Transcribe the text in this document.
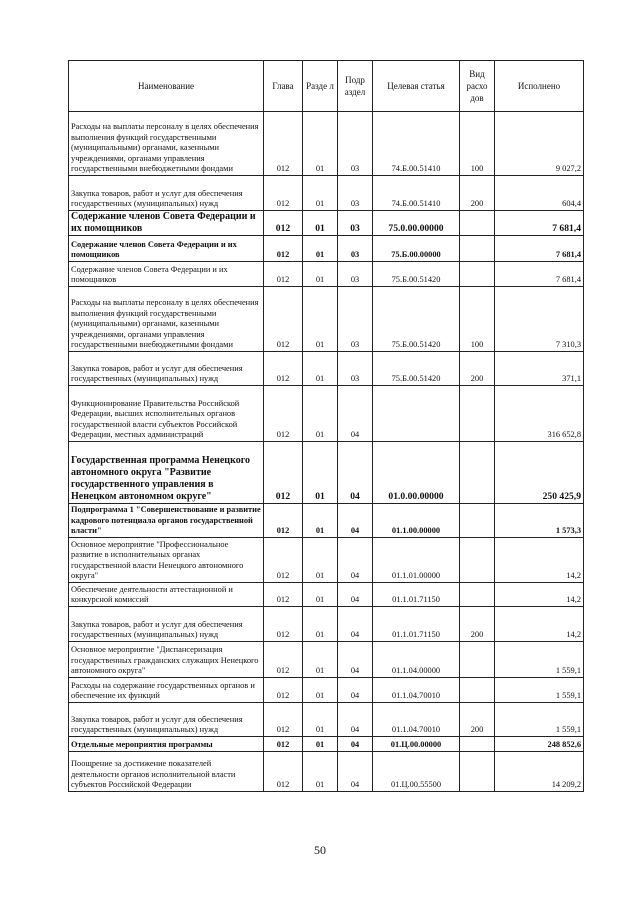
Наименование	Глава	Разде л	Подр аздел	Целевая статья	Вид расхо дов	Исполнено
Расходы на выплаты персоналу в целях обеспечения выполнения функций государственными (муниципальными) органами, казенными учреждениями, органами управления государственными внебюджетными фондами	012	01	03	74.Б.00.51410	100	9 027,2
Закупка товаров, работ и услуг для обеспечения государственных (муниципальных) нужд	012	01	03	74.Б.00.51410	200	604,4
Содержание членов Совета Федерации и их помощников	012	01	03	75.0.00.00000		7 681,4
Содержание членов Совета Федерации и их помощников	012	01	03	75.Б.00.00000		7 681,4
Содержание членов Совета Федерации и их помощников	012	01	03	75.Б.00.51420		7 681,4
Расходы на выплаты персоналу в целях обеспечения выполнения функций государственными (муниципальными) органами, казенными учреждениями, органами управления государственными внебюджетными фондами	012	01	03	75.Б.00.51420	100	7 310,3
Закупка товаров, работ и услуг для обеспечения государственных (муниципальных) нужд	012	01	03	75.Б.00.51420	200	371,1
Функционирование Правительства Российской Федерации, высших исполнительных органов государственной власти субъектов Российской Федерации, местных администраций	012	01	04			316 652,8
Государственная программа Ненецкого автономного округа "Развитие государственного управления в Ненецком автономном округе"	012	01	04	01.0.00.00000		250 425,9
Подпрограмма 1 "Совершенствование и развитие кадрового потенциала органов государственной власти"	012	01	04	01.1.00.00000		1 573,3
Основное мероприятие "Профессиональное развитие в исполнительных органах государственной власти Ненецкого автономного округа"	012	01	04	01.1.01.00000		14,2
Обеспечение деятельности аттестационной и конкурсной комиссий	012	01	04	01.1.01.71150		14,2
Закупка товаров, работ и услуг для обеспечения государственных (муниципальных) нужд	012	01	04	01.1.01.71150	200	14,2
Основное мероприятие "Диспансеризация государственных гражданских служащих Ненецкого автономного округа"	012	01	04	01.1.04.00000		1 559,1
Расходы на содержание государственных органов и обеспечение их функций	012	01	04	01.1.04.70010		1 559,1
Закупка товаров, работ и услуг для обеспечения государственных (муниципальных) нужд	012	01	04	01.1.04.70010	200	1 559,1
Отдельные мероприятия программы	012	01	04	01.Ц.00.00000		248 852,6
Поощрение за достижение показателей деятельности органов исполнительной власти субъектов Российской Федерации	012	01	04	01.Ц.00.55500		14 209,2
50
